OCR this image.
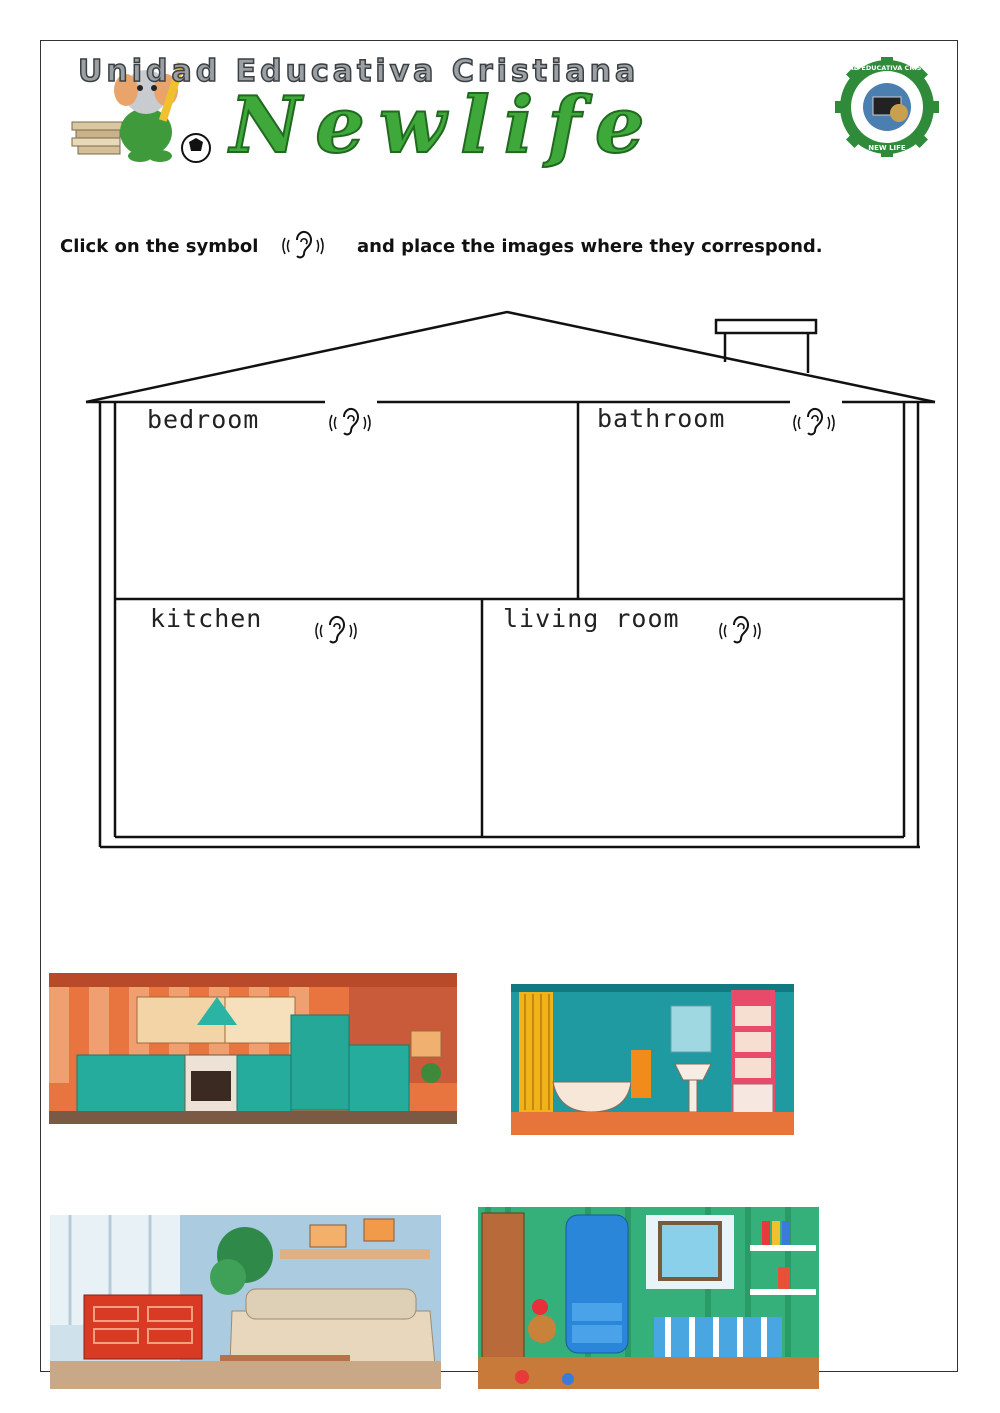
Unidad Educativa Cristiana
Newlife
UNIDAD EDUCATIVA CRISTIANA
NEW LIFE
Click on the symbol	and place the images where they correspond.
bedroom	bathroom
kitchen	living room
